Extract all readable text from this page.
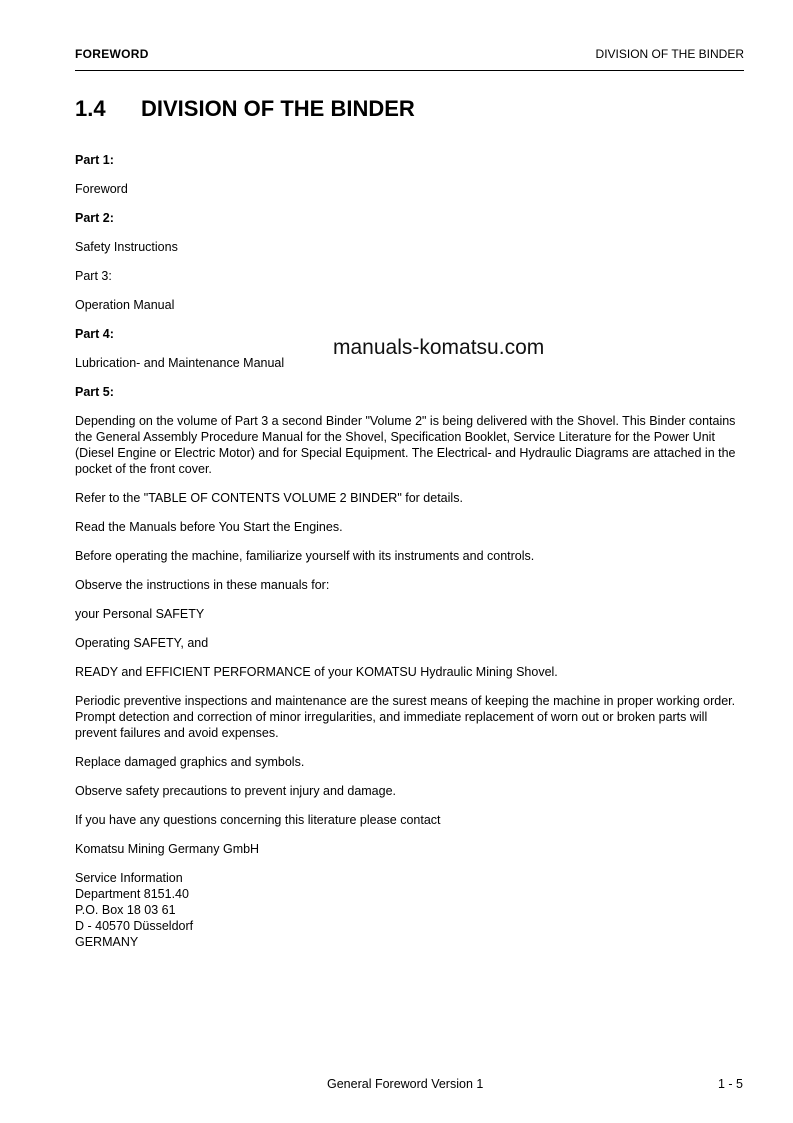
FOREWORD	DIVISION OF THE BINDER
1.4 DIVISION OF THE BINDER

Part 1:

Foreword

Part 2:

Safety Instructions

Part 3:

Operation Manual

Part 4:

Lubrication- and Maintenance Manual

Part 5:

Depending on the volume of Part 3 a second Binder "Volume 2" is being delivered with the Shovel. This Binder contains the General Assembly Procedure Manual for the Shovel, Specification Booklet, Service Literature for the Power Unit (Diesel Engine or Electric Motor) and for Special Equipment. The Electrical- and Hydraulic Diagrams are attached in the pocket of the front cover.

Refer to the "TABLE OF CONTENTS VOLUME 2 BINDER" for details.

Read the Manuals before You Start the Engines.

Before operating the machine, familiarize yourself with its instruments and controls.

Observe the instructions in these manuals for:

your Personal SAFETY

Operating SAFETY, and

READY and EFFICIENT PERFORMANCE of your KOMATSU Hydraulic Mining Shovel.

Periodic preventive inspections and maintenance are the surest means of keeping the machine in proper working order. Prompt detection and correction of minor irregularities, and immediate replacement of worn out or broken parts will prevent failures and avoid expenses.

Replace damaged graphics and symbols.

Observe safety precautions to prevent injury and damage.

If you have any questions concerning this literature please contact

Komatsu Mining Germany GmbH

Service Information
Department 8151.40
P.O. Box 18 03 61
D - 40570 Düsseldorf
GERMANY
manuals-komatsu.com
General Foreword Version 1	1 - 5
